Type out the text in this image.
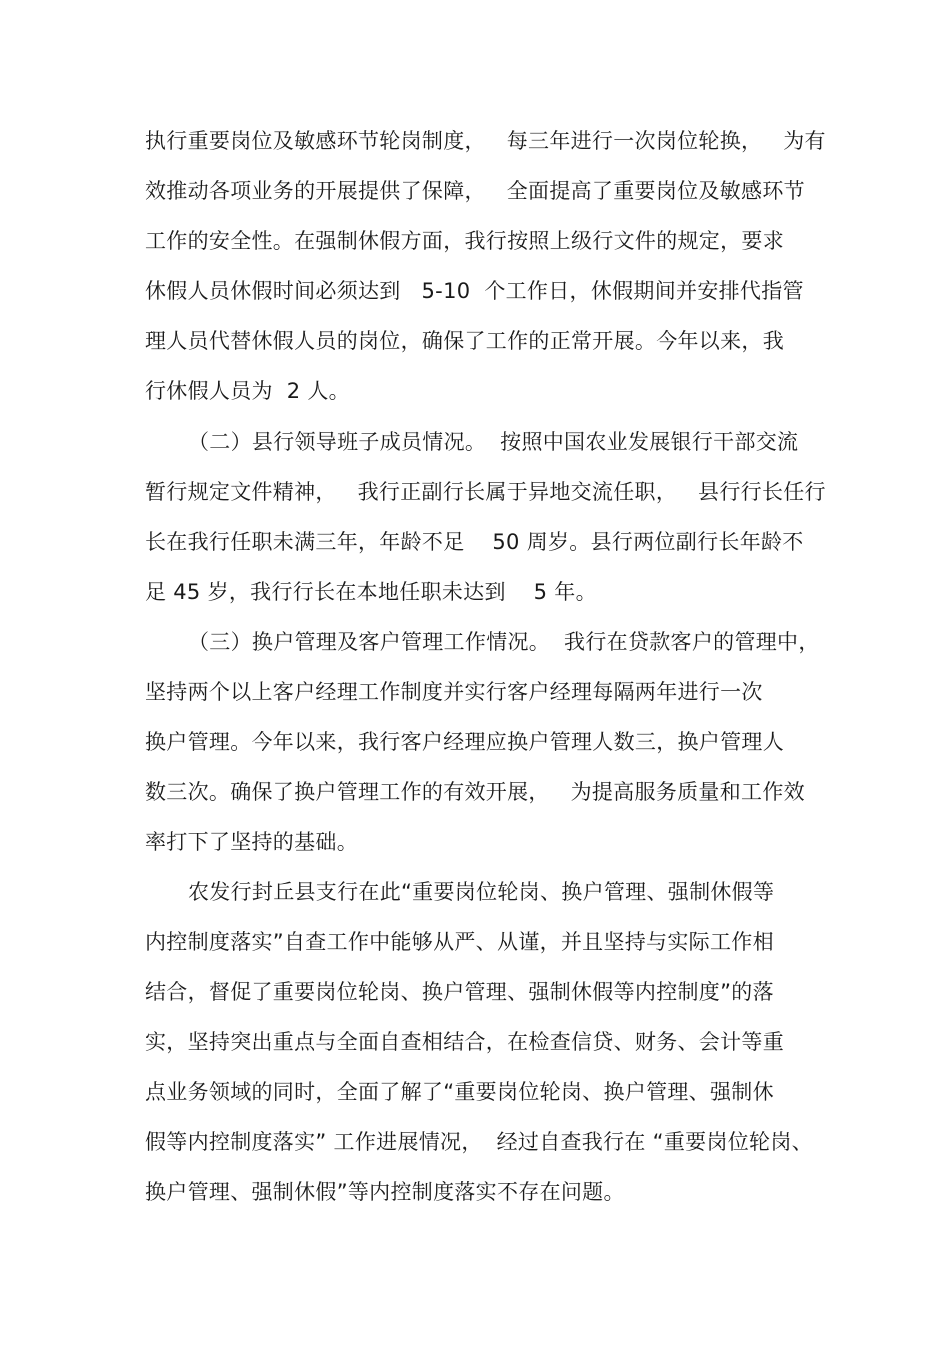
执行重要岗位及敏感环节轮岗制度，   每三年进行一次岗位轮换，   为有
效推动各项业务的开展提供了保障，   全面提高了重要岗位及敏感环节
工作的安全性。在强制休假方面，我行按照上级行文件的规定，要求
休假人员休假时间必须达到   5-10  个工作日，休假期间并安排代指管
理人员代替休假人员的岗位，确保了工作的正常开展。今年以来，我
行休假人员为  2 人。
（二）县行领导班子成员情况。  按照中国农业发展银行干部交流
暂行规定文件精神，   我行正副行长属于异地交流任职，   县行行长任行
长在我行任职未满三年，年龄不足    50 周岁。县行两位副行长年龄不
足 45 岁，我行行长在本地任职未达到    5 年。
（三）换户管理及客户管理工作情况。  我行在贷款客户的管理中，
坚持两个以上客户经理工作制度并实行客户经理每隔两年进行一次
换户管理。今年以来，我行客户经理应换户管理人数三，换户管理人
数三次。确保了换户管理工作的有效开展，   为提高服务质量和工作效
率打下了坚持的基础。
农发行封丘县支行在此“重要岗位轮岗、换户管理、强制休假等
内控制度落实”自查工作中能够从严、从谨，并且坚持与实际工作相
结合，督促了重要岗位轮岗、换户管理、强制休假等内控制度”的落
实，坚持突出重点与全面自查相结合，在检查信贷、财务、会计等重
点业务领域的同时，全面了解了“重要岗位轮岗、换户管理、强制休
假等内控制度落实” 工作进展情况，  经过自查我行在 “重要岗位轮岗、
换户管理、强制休假”等内控制度落实不存在问题。
